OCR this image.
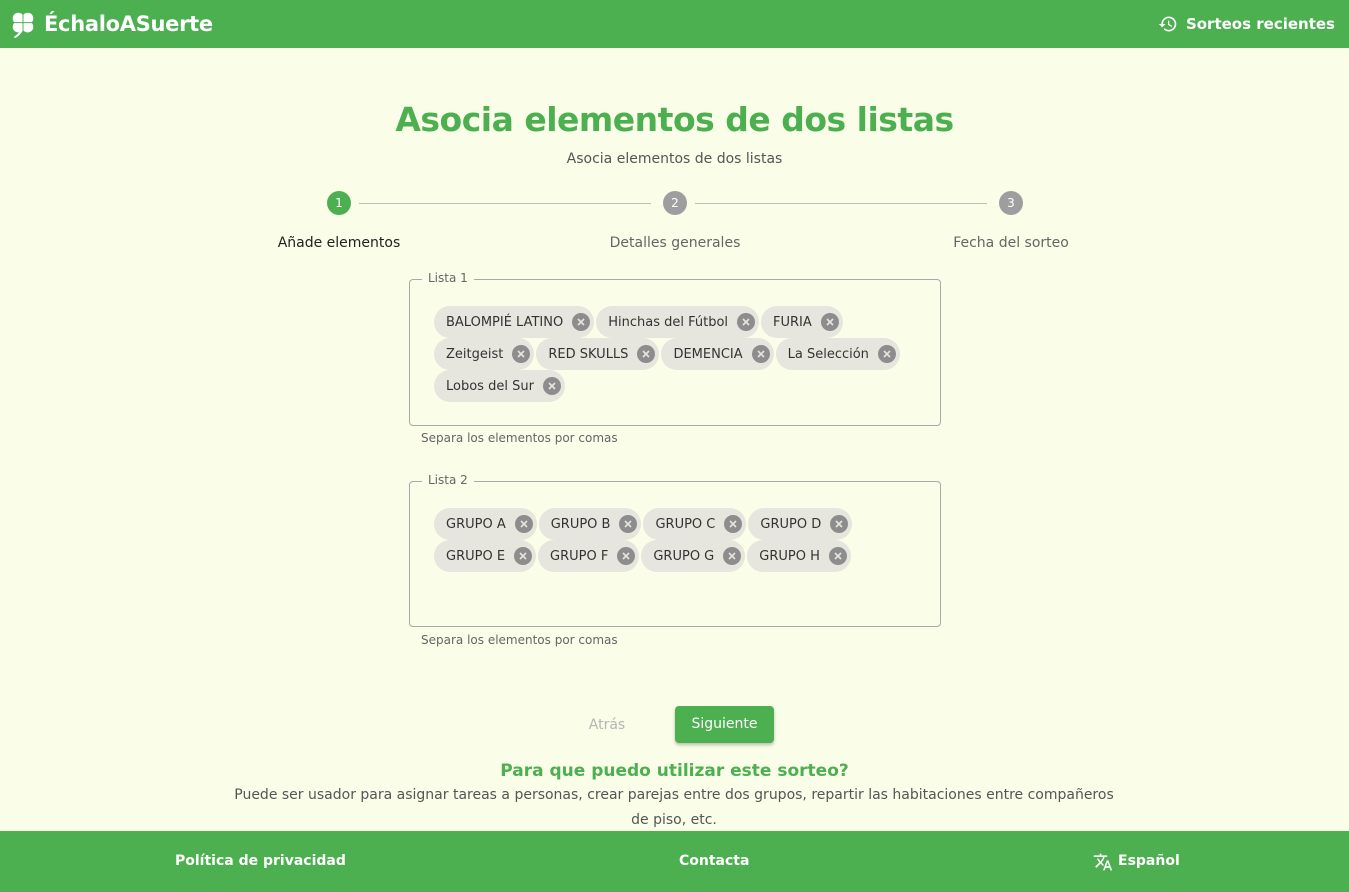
ÉchaloASuerte	Sorteos recientes
Asocia elementos de dos listas
Asocia elementos de dos listas
1	2	3
Añade elementos	Detalles generales	Fecha del sorteo
Lista 1
BALOMPIÉ LATINO	Hinchas del Fútbol	FURIA
Zeitgeist	RED SKULLS	DEMENCIA	La Selección
Lobos del Sur
Separa los elementos por comas
Lista 2
GRUPO A	GRUPO B	GRUPO C	GRUPO D
GRUPO E	GRUPO F	GRUPO G	GRUPO H
Separa los elementos por comas
Atrás	Siguiente
Para que puedo utilizar este sorteo?
Puede ser usador para asignar tareas a personas, crear parejas entre dos grupos, repartir las habitaciones entre compañeros de piso, etc.
Política de privacidad	Contacta	Español
